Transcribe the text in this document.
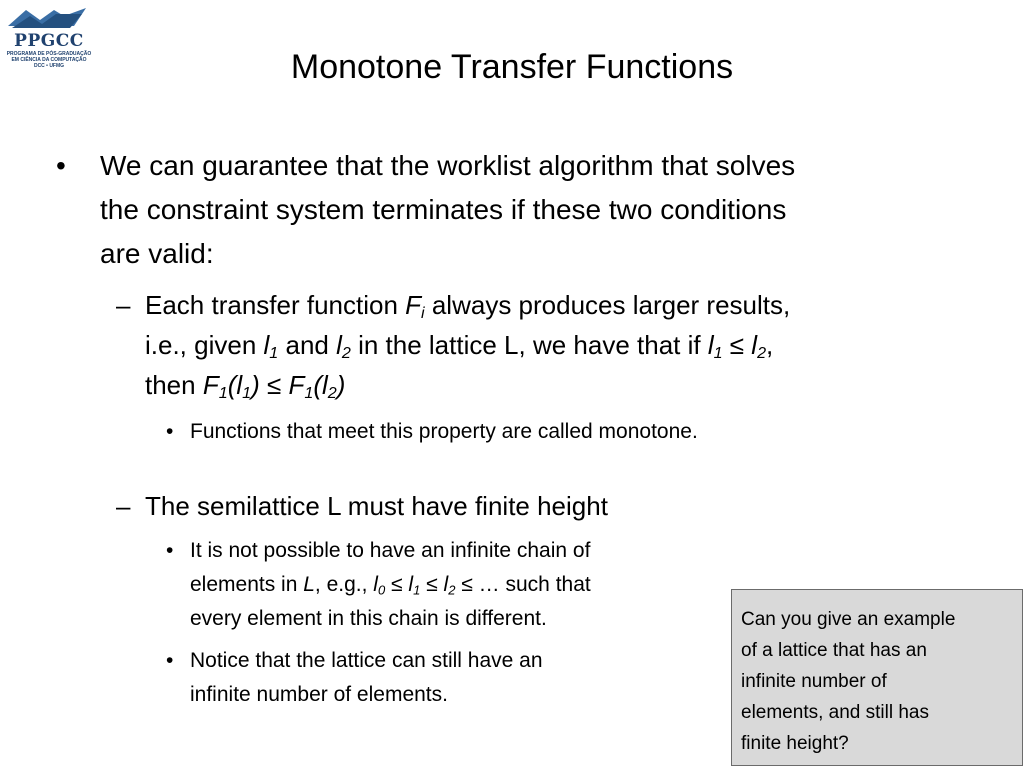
PPGCC
PROGRAMA DE PÓS-GRADUAÇÃO
EM CIÊNCIA DA COMPUTAÇÃO
DCC • UFMG	Monotone Transfer Functions
• We can guarantee that the worklist algorithm that solves
the constraint system terminates if these two conditions
are valid:
– Each transfer function $F_i$ always produces larger results,
i.e., given $l_1$ and $l_2$ in the lattice L, we have that if $l_1 \le l_2$,
then $F_1(l_1) \le F_1(l_2)$
• Functions that meet this property are called monotone.
– The semilattice L must have finite height
• It is not possible to have an infinite chain of
elements in L, e.g., $l_0 \le l_1 \le l_2$ ≤ … such that
every element in this chain is different.
• Notice that the lattice can still have an
infinite number of elements.
Can you give an example
of a lattice that has an
infinite number of
elements, and still has
finite height?
